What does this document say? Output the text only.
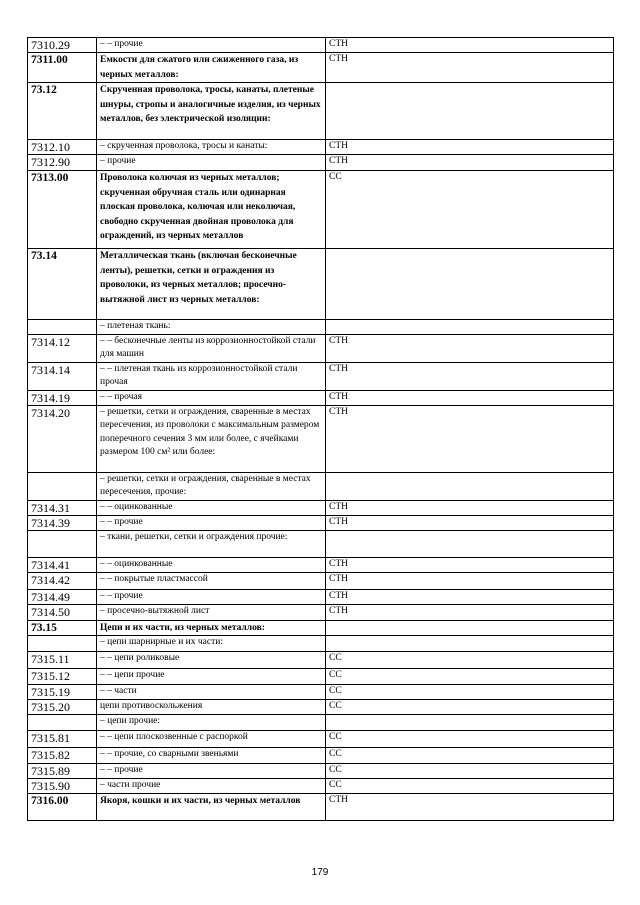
7310.29	– – прочие	СТН
7311.00	Емкости для сжатого или сжиженного газа, из черных металлов:	СТН
73.12	Скрученная проволока, тросы, канаты, плетеные шнуры, стропы и аналогичные изделия, из черных металлов, без электрической изоляции:	
7312.10	– скрученная проволока, тросы и канаты:	СТН
7312.90	– прочие	СТН
7313.00	Проволока колючая из черных металлов; скрученная обручная сталь или одинарная плоская проволока, колючая или неколючая, свободно скрученная двойная проволока для ограждений, из черных металлов	СС
73.14	Металлическая ткань (включая бесконечные ленты), решетки, сетки и ограждения из проволоки, из черных металлов; просечно-вытяжной лист из черных металлов:	
	– плетеная ткань:	
7314.12	– – бесконечные ленты из коррозионностойкой стали для машин	СТН
7314.14	– – плетеная ткань из коррозионностойкой стали прочая	СТН
7314.19	– – прочая	СТН
7314.20	– решетки, сетки и ограждения, сваренные в местах пересечения, из проволоки с максимальным размером поперечного сечения 3 мм или более, с ячейками размером 100 см² или более:	СТН
	– решетки, сетки и ограждения, сваренные в местах пересечения, прочие:	
7314.31	– – оцинкованные	СТН
7314.39	– – прочие	СТН
	– ткани, решетки, сетки и ограждения прочие:	
7314.41	– – оцинкованные	СТН
7314.42	– – покрытые пластмассой	СТН
7314.49	– – прочие	СТН
7314.50	– просечно-вытяжной лист	СТН
73.15	Цепи и их части, из черных металлов:	
	– цепи шарнирные и их части:	
7315.11	– – цепи роликовые	СС
7315.12	– – цепи прочие	СС
7315.19	– – части	СС
7315.20	цепи противоскольжения	СС
	– цепи прочие:	
7315.81	– – цепи плоскозвенные с распоркой	СС
7315.82	– – прочие, со сварными звеньями	СС
7315.89	– – прочие	СС
7315.90	– части прочие	СС
7316.00	Якоря, кошки и их части, из черных металлов	СТН
179
